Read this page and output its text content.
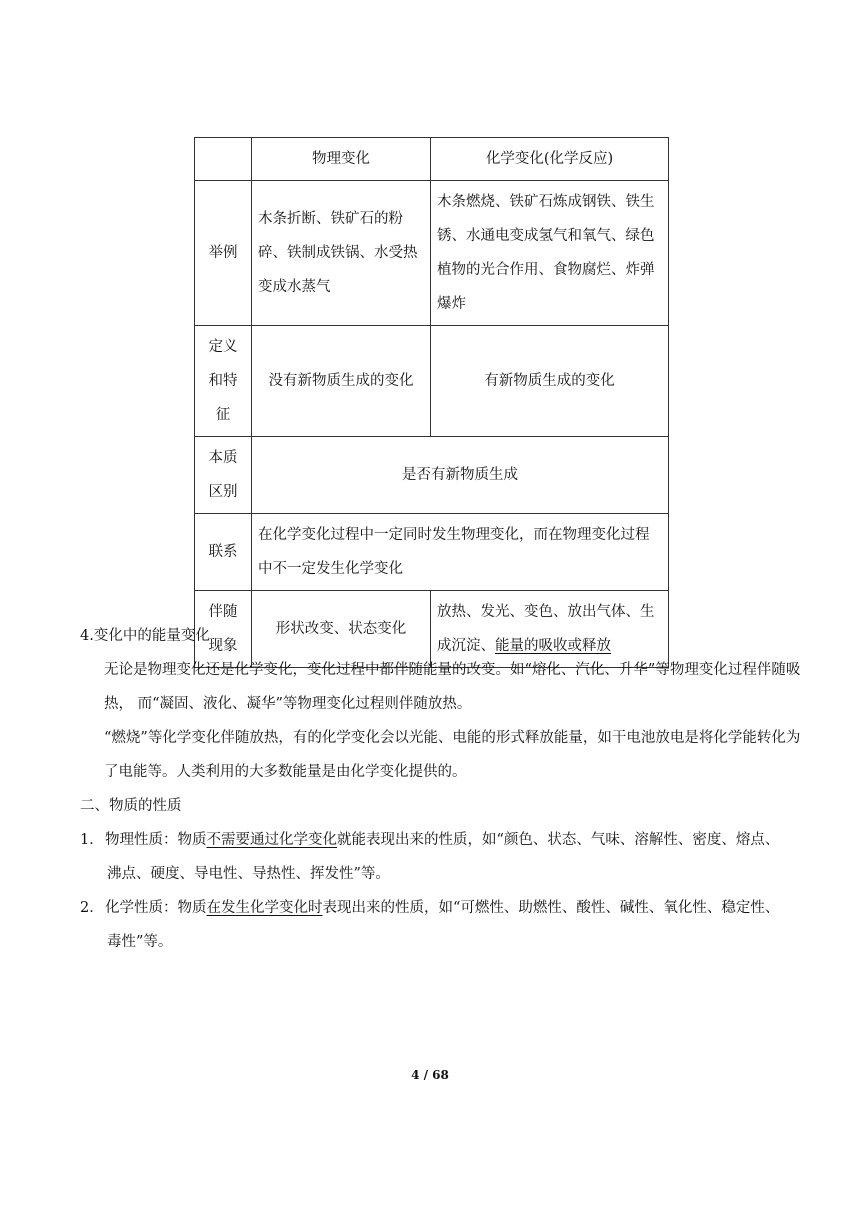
	物理变化	化学变化(化学反应)
举例	木条折断、铁矿石的粉碎、铁制成铁锅、水受热变成水蒸气	木条燃烧、铁矿石炼成钢铁、铁生锈、水通电变成氢气和氧气、绿色植物的光合作用、食物腐烂、炸弹爆炸
定义和特征	没有新物质生成的变化	有新物质生成的变化
本质区别	是否有新物质生成	
联系	在化学变化过程中一定同时发生物理变化，而在物理变化过程中不一定发生化学变化	
伴随现象	形状改变、状态变化	放热、发光、变色、放出气体、生成沉淀、能量的吸收或释放

4.变化中的能量变化

无论是物理变化还是化学变化，变化过程中都伴随能量的改变。如“熔化、汽化、升华”等物理变化过程伴随吸热， 而“凝固、液化、凝华”等物理变化过程则伴随放热。

“燃烧”等化学变化伴随放热，有的化学变化会以光能、电能的形式释放能量，如干电池放电是将化学能转化为了电能等。人类利用的大多数能量是由化学变化提供的。

二、物质的性质

1． 物理性质：物质不需要通过化学变化就能表现出来的性质，如“颜色、状态、气味、溶解性、密度、熔点、沸点、硬度、导电性、导热性、挥发性”等。
2． 化学性质：物质在发生化学变化时表现出来的性质，如“可燃性、助燃性、酸性、碱性、氧化性、稳定性、毒性”等。
4 / 68
